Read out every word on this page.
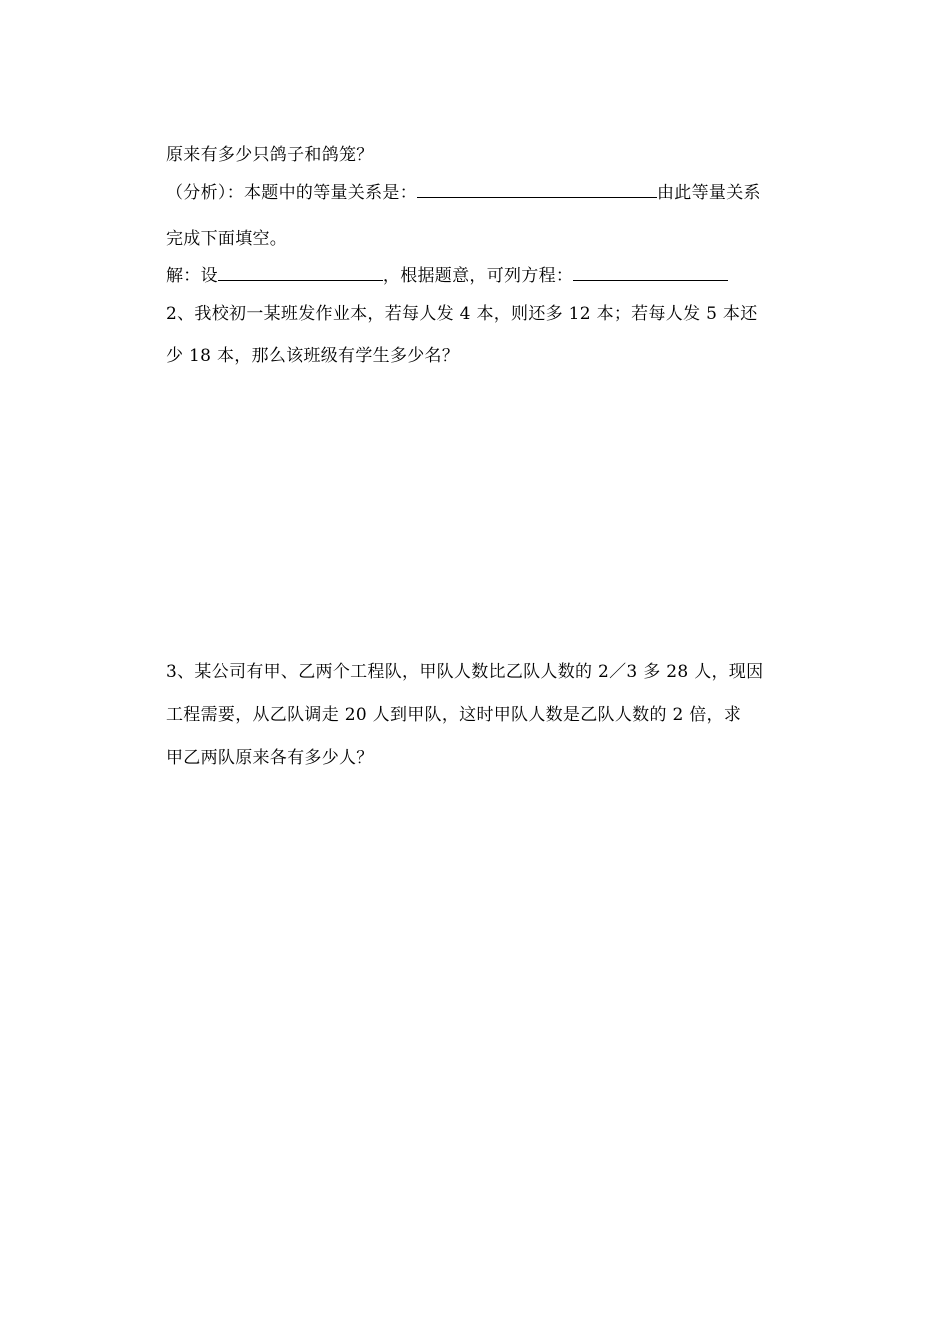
原来有多少只鸽子和鸽笼？
（分析）：本题中的等量关系是：	由此等量关系
完成下面填空。
解：设	，根据题意，可列方程：
2、我校初一某班发作业本，若每人发 4 本，则还多 12 本；若每人发 5 本还
少 18 本，那么该班级有学生多少名？
3、某公司有甲、乙两个工程队，甲队人数比乙队人数的 2／3 多 28 人，现因
工程需要，从乙队调走 20 人到甲队，这时甲队人数是乙队人数的 2 倍，求
甲乙两队原来各有多少人？
